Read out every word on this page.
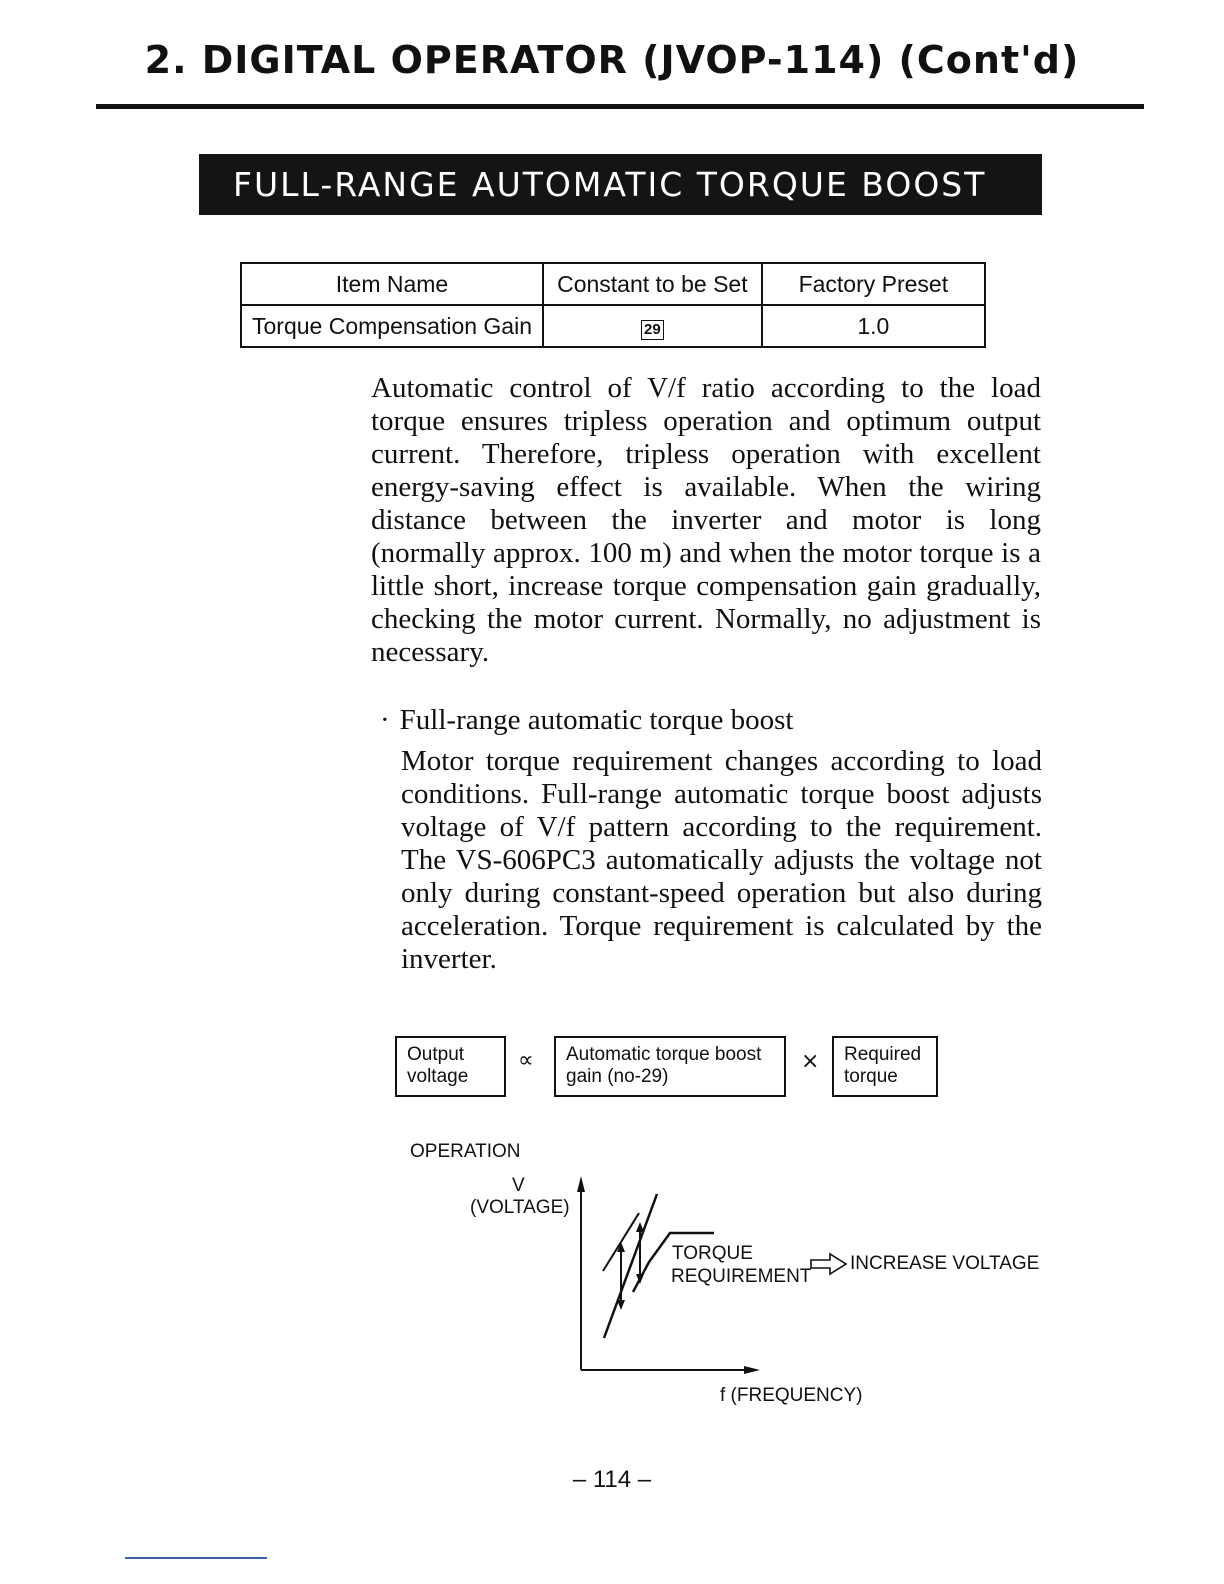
2. DIGITAL OPERATOR (JVOP-114) (Cont'd)
FULL-RANGE AUTOMATIC TORQUE BOOST
Item Name	Constant to be Set	Factory Preset
Torque Compensation Gain	29	1.0

Automatic control of V/f ratio according to the load torque ensures tripless operation and optimum output current. Therefore, tripless operation with excellent energy-saving effect is available. When the wiring distance between the inverter and motor is long (normally approx. 100 m) and when the motor torque is a little short, increase torque compensation gain gradually, checking the motor current. Normally, no adjustment is necessary.

· Full-range automatic torque boost

Motor torque requirement changes according to load conditions. Full-range automatic torque boost adjusts voltage of V/f pattern according to the requirement. The VS-606PC3 automatically adjusts the voltage not only during constant-speed operation but also during acceleration. Torque requirement is calculated by the inverter.

Output voltage
∝	Automatic torque boost gain (no-29)
×	Required torque
OPERATION
V
(VOLTAGE)
TORQUE
REQUIREMENT
INCREASE VOLTAGE
f (FREQUENCY)
– 114 –
